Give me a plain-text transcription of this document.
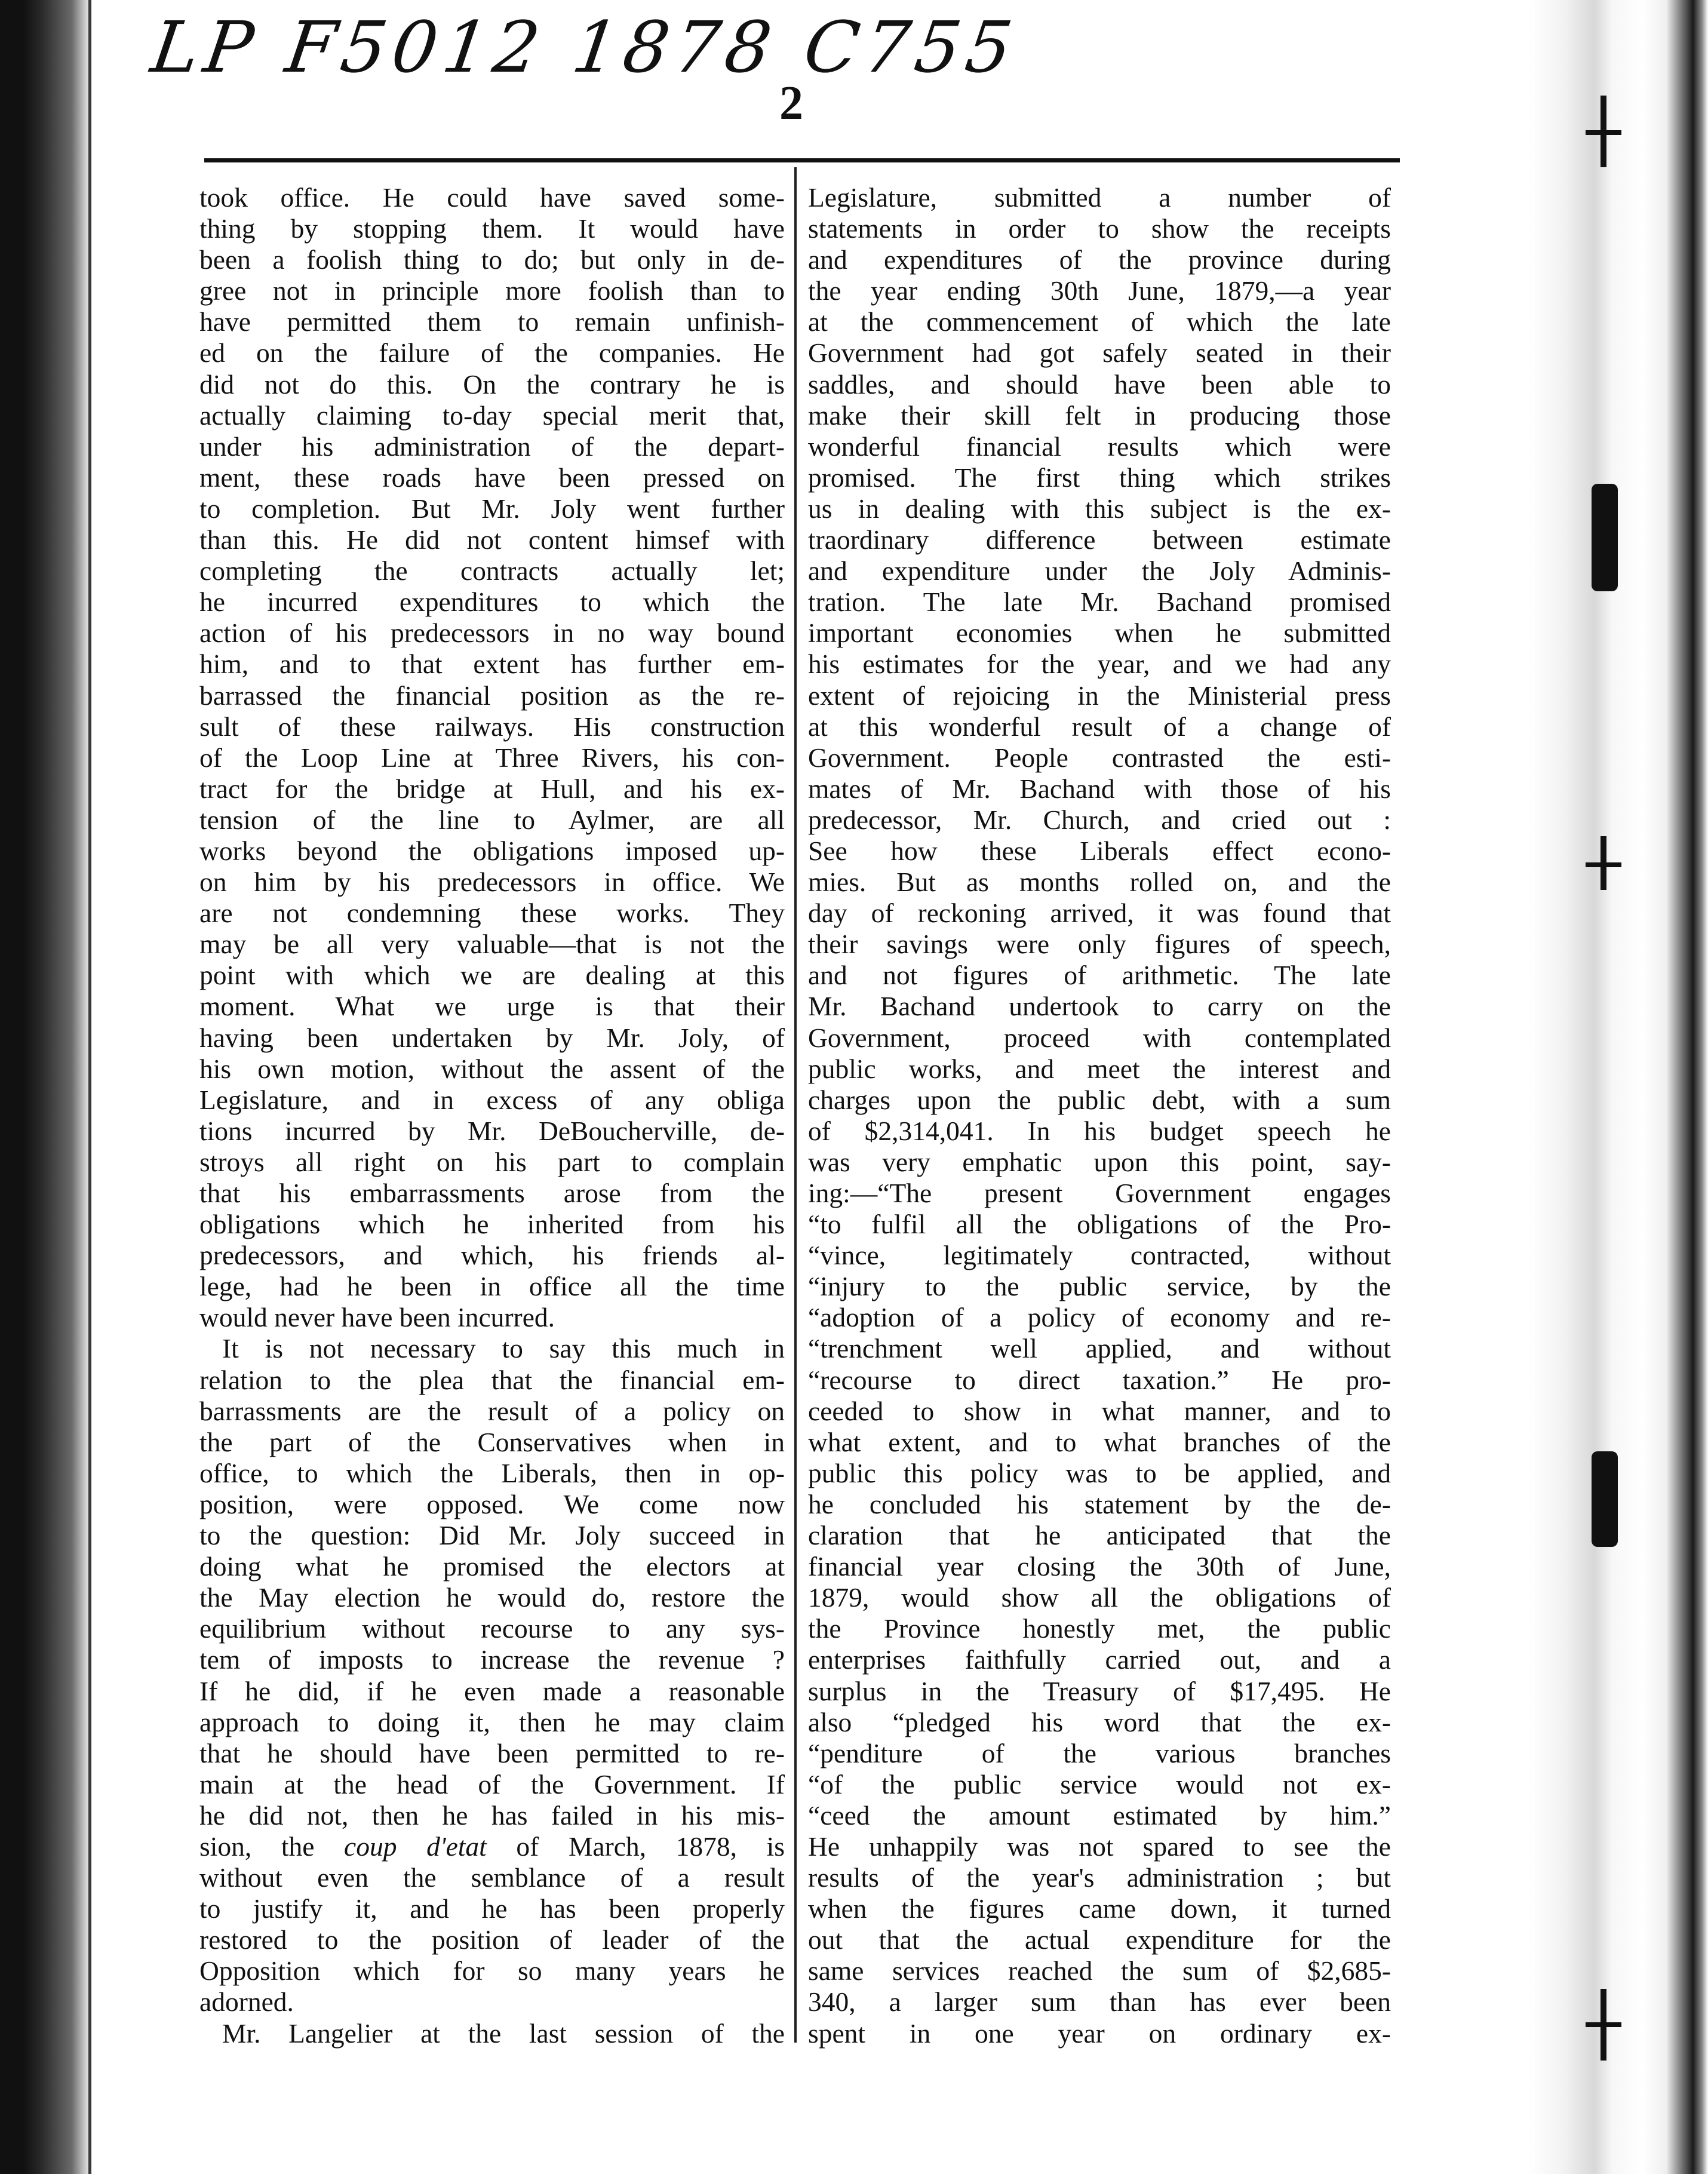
LP F5012 1878 C755
2
took office. He could have saved some-
thing by stopping them. It would have
been a foolish thing to do; but only in de-
gree not in principle more foolish than to
have permitted them to remain unfinish-
ed on the failure of the companies. He
did not do this. On the contrary he is
actually claiming to-day special merit that,
under his administration of the depart-
ment, these roads have been pressed on
to completion. But Mr. Joly went further
than this. He did not content himsef with
completing the contracts actually let;
he incurred expenditures to which the
action of his predecessors in no way bound
him, and to that extent has further em-
barrassed the financial position as the re-
sult of these railways. His construction
of the Loop Line at Three Rivers, his con-
tract for the bridge at Hull, and his ex-
tension of the line to Aylmer, are all
works beyond the obligations imposed up-
on him by his predecessors in office. We
are not condemning these works. They
may be all very valuable—that is not the
point with which we are dealing at this
moment. What we urge is that their
having been undertaken by Mr. Joly, of
his own motion, without the assent of the
Legislature, and in excess of any obliga
tions incurred by Mr. DeBoucherville, de-
stroys all right on his part to complain
that his embarrassments arose from the
obligations which he inherited from his
predecessors, and which, his friends al-
lege, had he been in office all the time
would never have been incurred.
It is not necessary to say this much in
relation to the plea that the financial em-
barrassments are the result of a policy on
the part of the Conservatives when in
office, to which the Liberals, then in op-
position, were opposed. We come now
to the question: Did Mr. Joly succeed in
doing what he promised the electors at
the May election he would do, restore the
equilibrium without recourse to any sys-
tem of imposts to increase the revenue ?
If he did, if he even made a reasonable
approach to doing it, then he may claim
that he should have been permitted to re-
main at the head of the Government. If
he did not, then he has failed in his mis-
sion, the coup d'etat of March, 1878, is
without even the semblance of a result
to justify it, and he has been properly
restored to the position of leader of the
Opposition which for so many years he
adorned.
Mr. Langelier at the last session of the
Legislature, submitted a number of
statements in order to show the receipts
and expenditures of the province during
the year ending 30th June, 1879,—a year
at the commencement of which the late
Government had got safely seated in their
saddles, and should have been able to
make their skill felt in producing those
wonderful financial results which were
promised. The first thing which strikes
us in dealing with this subject is the ex-
traordinary difference between estimate
and expenditure under the Joly Adminis-
tration. The late Mr. Bachand promised
important economies when he submitted
his estimates for the year, and we had any
extent of rejoicing in the Ministerial press
at this wonderful result of a change of
Government. People contrasted the esti-
mates of Mr. Bachand with those of his
predecessor, Mr. Church, and cried out :
See how these Liberals effect econo-
mies. But as months rolled on, and the
day of reckoning arrived, it was found that
their savings were only figures of speech,
and not figures of arithmetic. The late
Mr. Bachand undertook to carry on the
Government, proceed with contemplated
public works, and meet the interest and
charges upon the public debt, with a sum
of $2,314,041. In his budget speech he
was very emphatic upon this point, say-
ing:—“The present Government engages
“to fulfil all the obligations of the Pro-
“vince, legitimately contracted, without
“injury to the public service, by the
“adoption of a policy of economy and re-
“trenchment well applied, and without
“recourse to direct taxation.” He pro-
ceeded to show in what manner, and to
what extent, and to what branches of the
public this policy was to be applied, and
he concluded his statement by the de-
claration that he anticipated that the
financial year closing the 30th of June,
1879, would show all the obligations of
the Province honestly met, the public
enterprises faithfully carried out, and a
surplus in the Treasury of $17,495. He
also “pledged his word that the ex-
“penditure of the various branches
“of the public service would not ex-
“ceed the amount estimated by him.”
He unhappily was not spared to see the
results of the year's administration ; but
when the figures came down, it turned
out that the actual expenditure for the
same services reached the sum of $2,685-
340, a larger sum than has ever been
spent in one year on ordinary ex-
